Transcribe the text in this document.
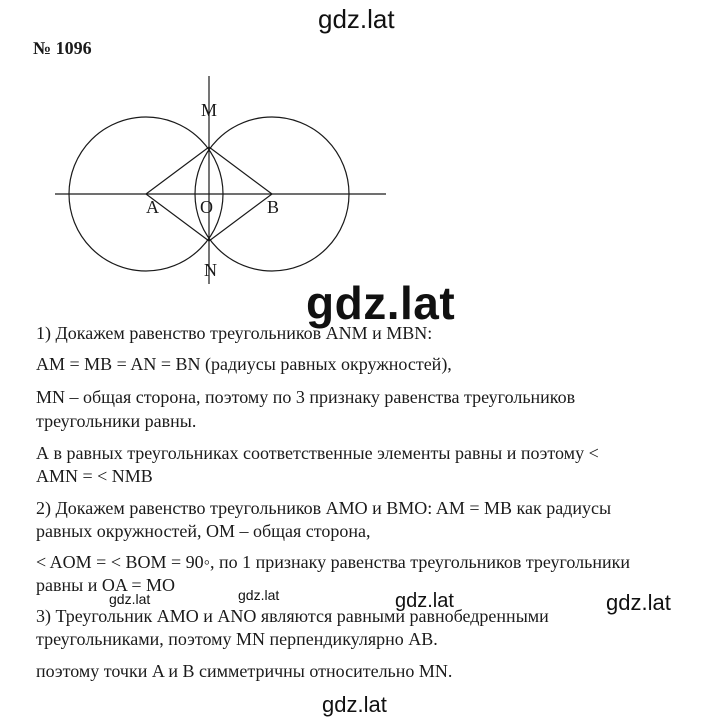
gdz.lat
№ 1096
M
N
A O	B
gdz.lat
1) Докажем равенство треугольников ANM и MBN:
AM = MB = AN = BN (радиусы равных окружностей),
MN – общая сторона, поэтому по 3 признаку равенства треугольников
треугольники равны.
А в равных треугольниках соответственные элементы равны и поэтому <
AMN = < NMB
2) Докажем равенство треугольников AMO и BMO: AM = MB как радиусы
равных окружностей, OM – общая сторона,
< AOM = < BOM = 90◦, по 1 признаку равенства треугольников треугольники
равны и OA = MO
3) Треугольник AMO и ANO являются равными равнобедренными
треугольниками, поэтому MN перпендикулярно AB.
поэтому точки A и B симметричны относительно MN.
gdz.lat	gdz.lat	gdz.lat	gdz.lat
gdz.lat
